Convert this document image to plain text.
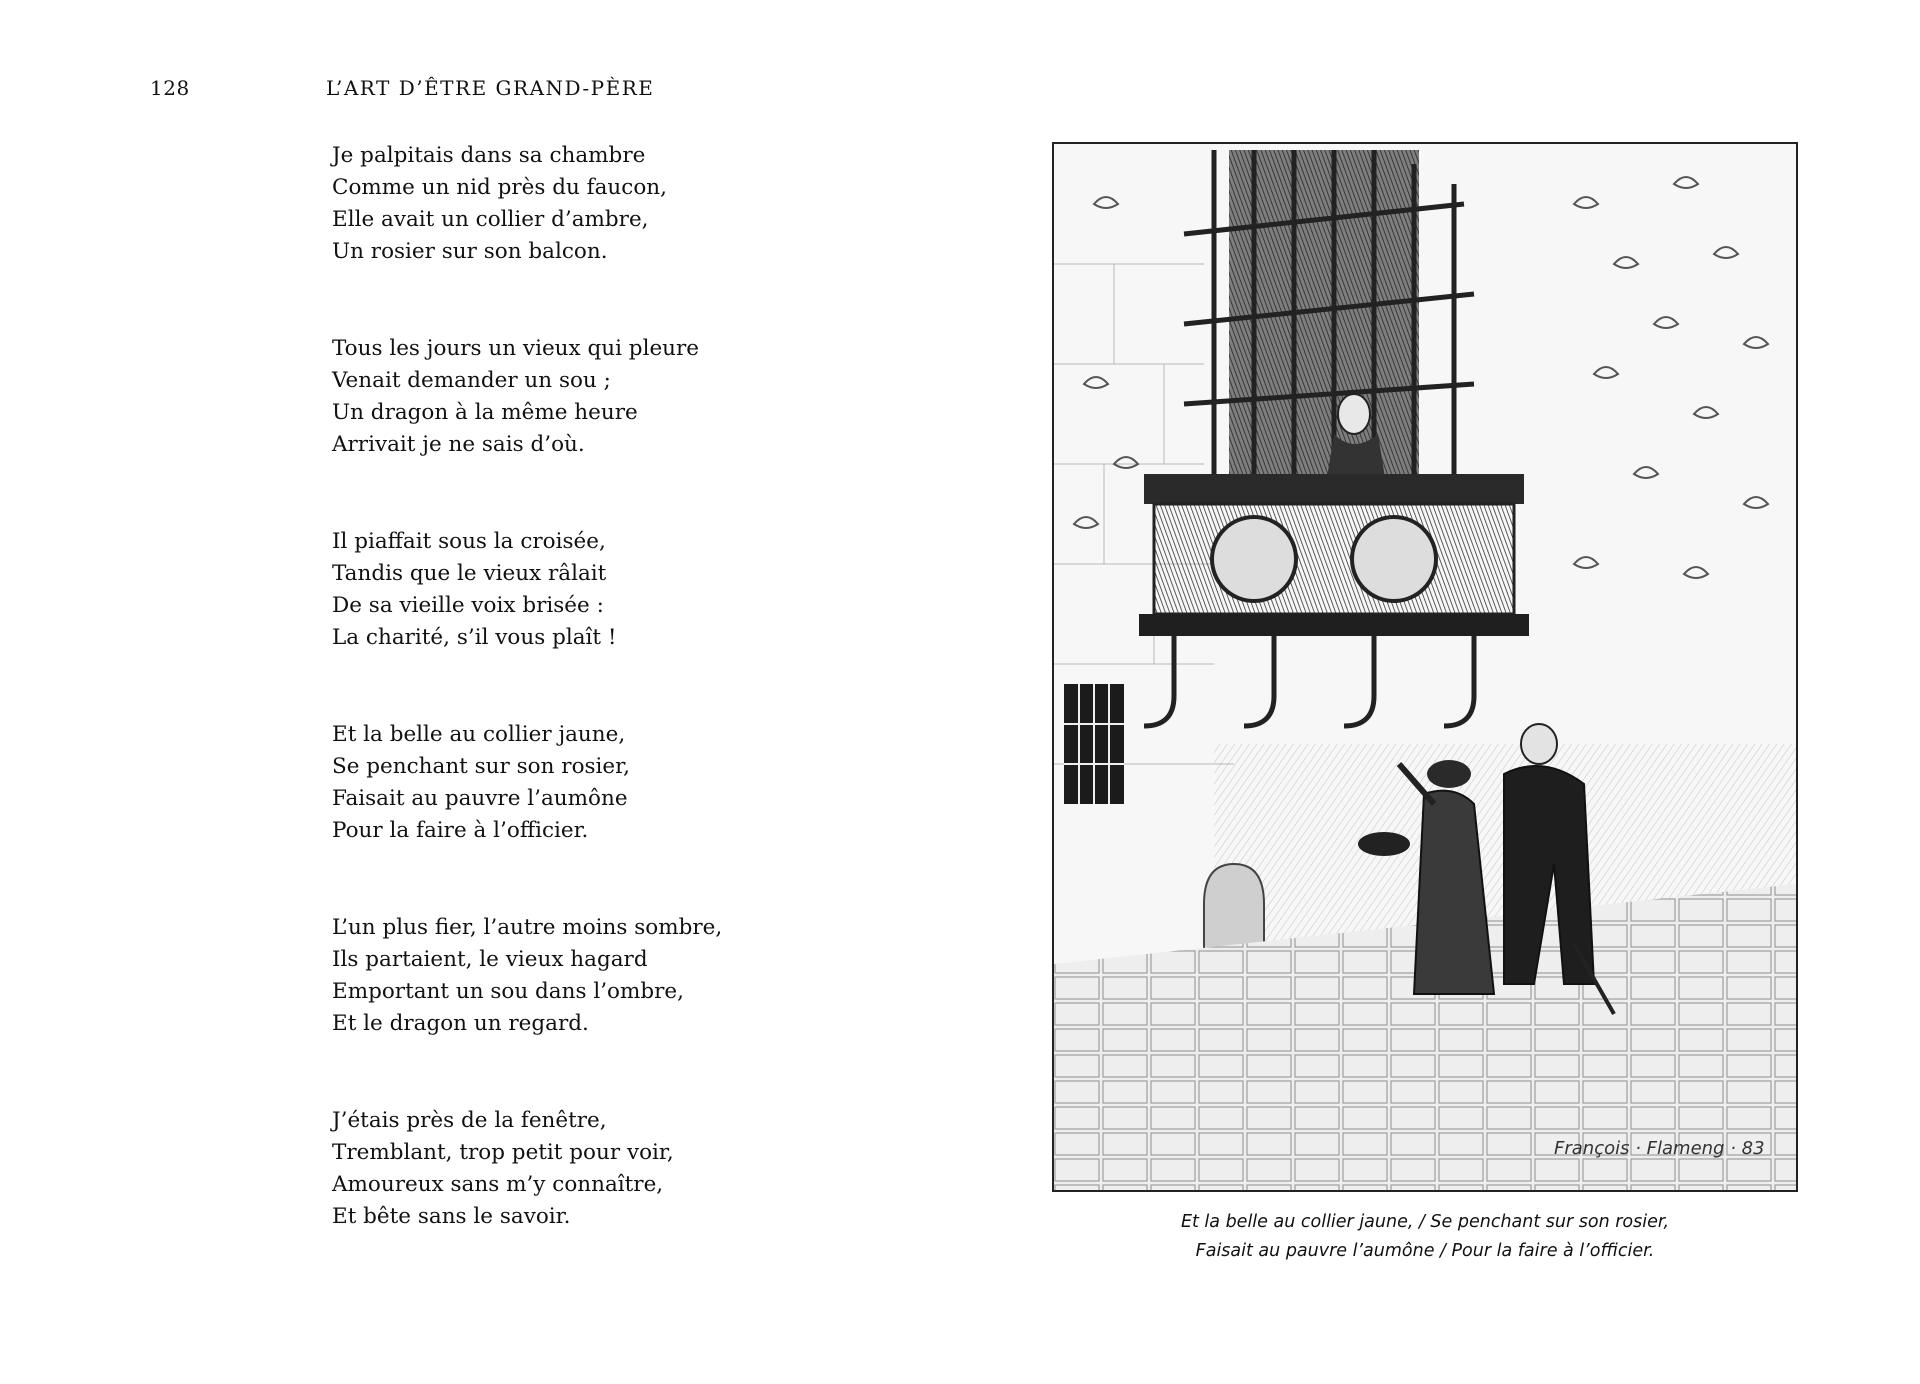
128	L’ART D’ÊTRE GRAND-PÈRE
Je palpitais dans sa chambre
Comme un nid près du faucon,
Elle avait un collier d’ambre,
Un rosier sur son balcon.
Tous les jours un vieux qui pleure
Venait demander un sou ;
Un dragon à la même heure
Arrivait je ne sais d’où.
Il piaffait sous la croisée,
Tandis que le vieux râlait
De sa vieille voix brisée :
La charité, s’il vous plaît !
Et la belle au collier jaune,
Se penchant sur son rosier,
Faisait au pauvre l’aumône
Pour la faire à l’officier.
L’un plus fier, l’autre moins sombre,
Ils partaient, le vieux hagard
Emportant un sou dans l’ombre,
Et le dragon un regard.
J’étais près de la fenêtre,
Tremblant, trop petit pour voir,
Amoureux sans m’y connaître,
Et bête sans le savoir.
François · Flameng · 83
Et la belle au collier jaune, / Se penchant sur son rosier,
Faisait au pauvre l’aumône / Pour la faire à l’officier.
